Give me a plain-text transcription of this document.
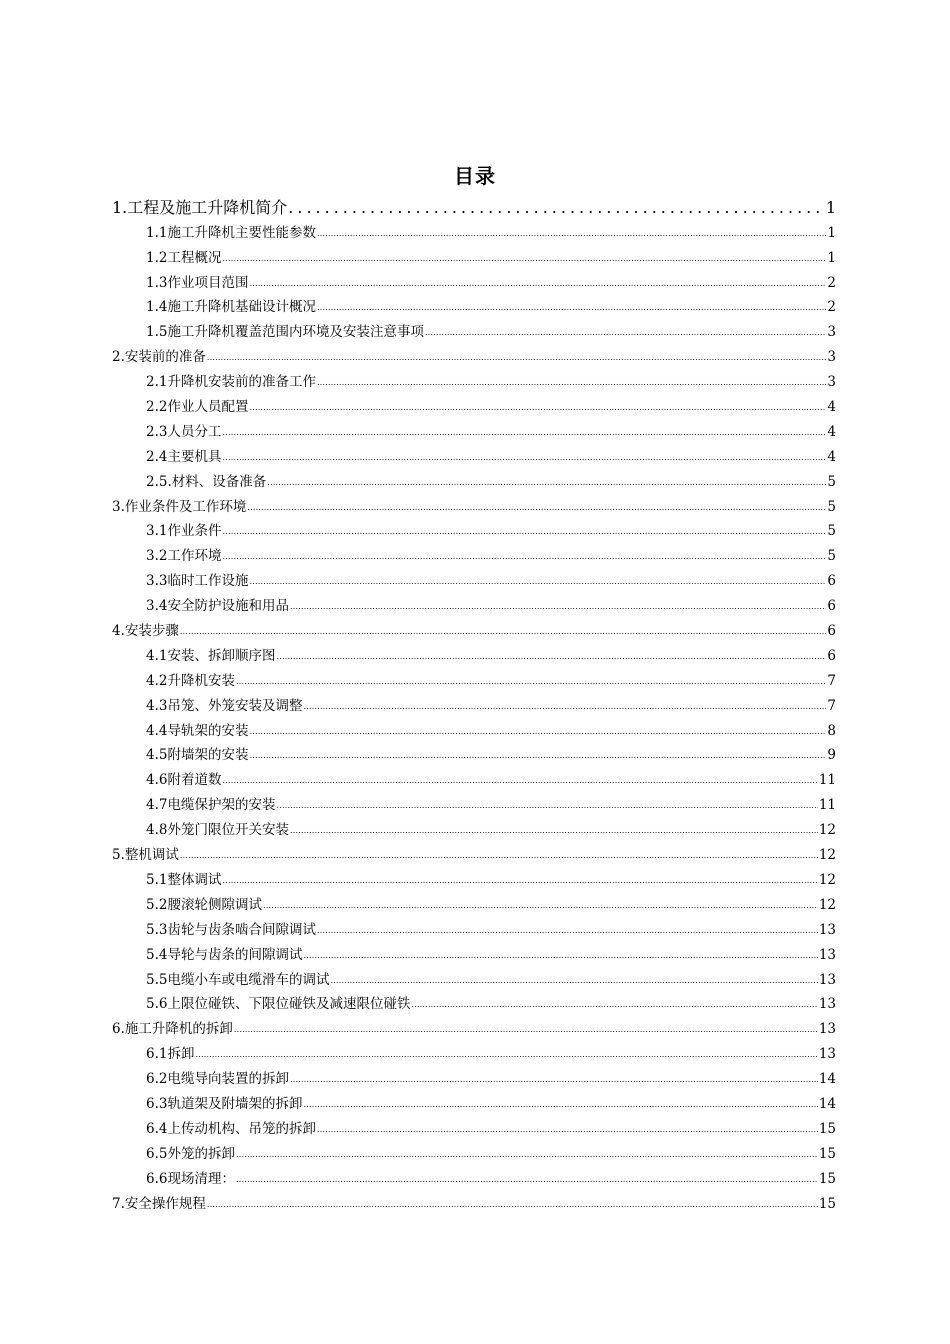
目录
1.工程及施工升降机简介 .....	1
1.1施工升降机主要性能参数 .....	1
1.2工程概况 .....	1
1.3作业项目范围 .....	2
1.4施工升降机基础设计概况 .....	2
1.5施工升降机覆盖范围内环境及安装注意事项 .....	3
2.安装前的准备 .....	3
2.1升降机安装前的准备工作 .....	3
2.2作业人员配置 .....	4
2.3人员分工 .....	4
2.4主要机具 .....	4
2.5.材料、设备准备 .....	5
3.作业条件及工作环境 .....	5
3.1作业条件 .....	5
3.2工作环境 .....	5
3.3临时工作设施 .....	6
3.4安全防护设施和用品 .....	6
4.安装步骤 .....	6
4.1安装、拆卸顺序图 .....	6
4.2升降机安装 .....	7
4.3吊笼、外笼安装及调整 .....	7
4.4导轨架的安装 .....	8
4.5附墙架的安装 .....	9
4.6附着道数 .....	11
4.7电缆保护架的安装 .....	11
4.8外笼门限位开关安装 .....	12
5.整机调试 .....	12
5.1整体调试 .....	12
5.2腰滚轮侧隙调试 .....	12
5.3齿轮与齿条啮合间隙调试 .....	13
5.4导轮与齿条的间隙调试 .....	13
5.5电缆小车或电缆滑车的调试 .....	13
5.6上限位碰铁、下限位碰铁及减速限位碰铁 .....	13
6.施工升降机的拆卸 .....	13
6.1拆卸 .....	13
6.2电缆导向装置的拆卸 .....	14
6.3轨道架及附墙架的拆卸 .....	14
6.4上传动机构、吊笼的拆卸 .....	15
6.5外笼的拆卸 .....	15
6.6现场清理： .....	15
7.安全操作规程 .....	15
